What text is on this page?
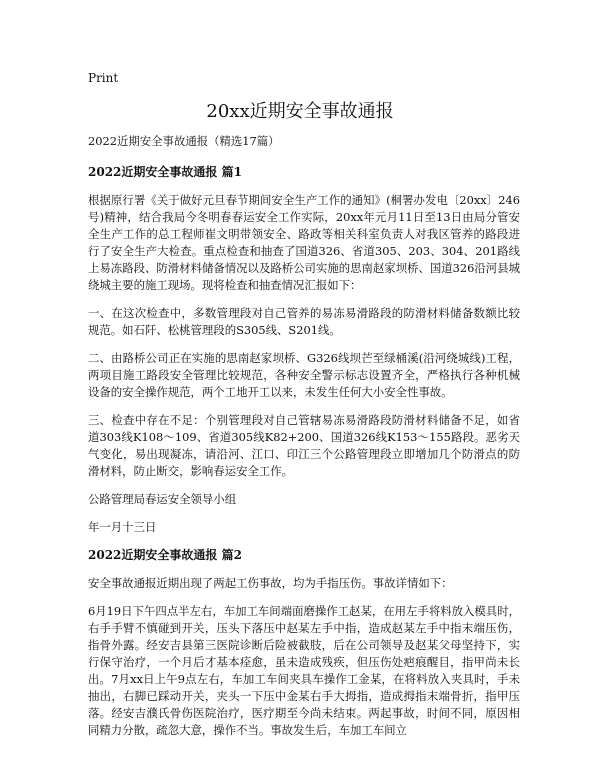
Print
20xx近期安全事故通报

2022近期安全事故通报（精选17篇）

2022近期安全事故通报 篇1

根据原行署《关于做好元旦春节期间安全生产工作的通知》(桐署办发电〔20xx〕246号)精神，结合我局今冬明春春运安全工作实际，20xx年元月11日至13日由局分管安全生产工作的总工程师崔文明带领安全、路政等相关科室负责人对我区管养的路段进行了安全生产大检查。重点检查和抽查了国道326、省道305、203、304、201路线上易冻路段、防滑材料储备情况以及路桥公司实施的思南赵家坝桥、国道326沿河县城绕城主要的施工现场。现将检查和抽查情况汇报如下：

一、在这次检查中，多数管理段对自己管养的易冻易滑路段的防滑材料储备数额比较规范。如石阡、松桃管理段的S305线、S201线。

二、由路桥公司正在实施的思南赵家坝桥、G326线坝芒至绿桶溪(沿河绕城线)工程，两项目施工路段安全管理比较规范，各种安全警示标志设置齐全，严格执行各种机械设备的安全操作规范，两个工地开工以来，未发生任何大小安全性事故。

三、检查中存在不足：个别管理段对自己管辖易冻易滑路段防滑材料储备不足，如省道303线K108～109、省道305线K82+200、国道326线K153～155路段。恶劣天气变化，易出现凝冻，请沿河、江口、印江三个公路管理段立即增加几个防滑点的防滑材料，防止断交，影响春运安全工作。

公路管理局春运安全领导小组

年一月十三日

2022近期安全事故通报 篇2

安全事故通报近期出现了两起工伤事故，均为手指压伤。事故详情如下：

6月19日下午四点半左右，车加工车间端面磨操作工赵某，在用左手将料放入模具时，右手手臂不慎碰到开关，压头下落压中赵某左手中指，造成赵某左手中指末端压伤，指骨外露。经安吉县第三医院诊断后险被截肢，后在公司领导及赵某父母坚持下，实行保守治疗，一个月后才基本痊愈，虽未造成残疾，但压伤处疤痕醒目，指甲尚未长出。7月xx日上午9点左右，车加工车间夹具车操作工金某，在将料放入夹具时，手未抽出，右脚已踩动开关，夹头一下压中金某右手大拇指，造成拇指末端骨折，指甲压落。经安吉濮氏骨伤医院治疗，医疗期至今尚未结束。两起事故，时间不同，原因相同精力分散，疏忽大意，操作不当。事故发生后，车加工车间立
